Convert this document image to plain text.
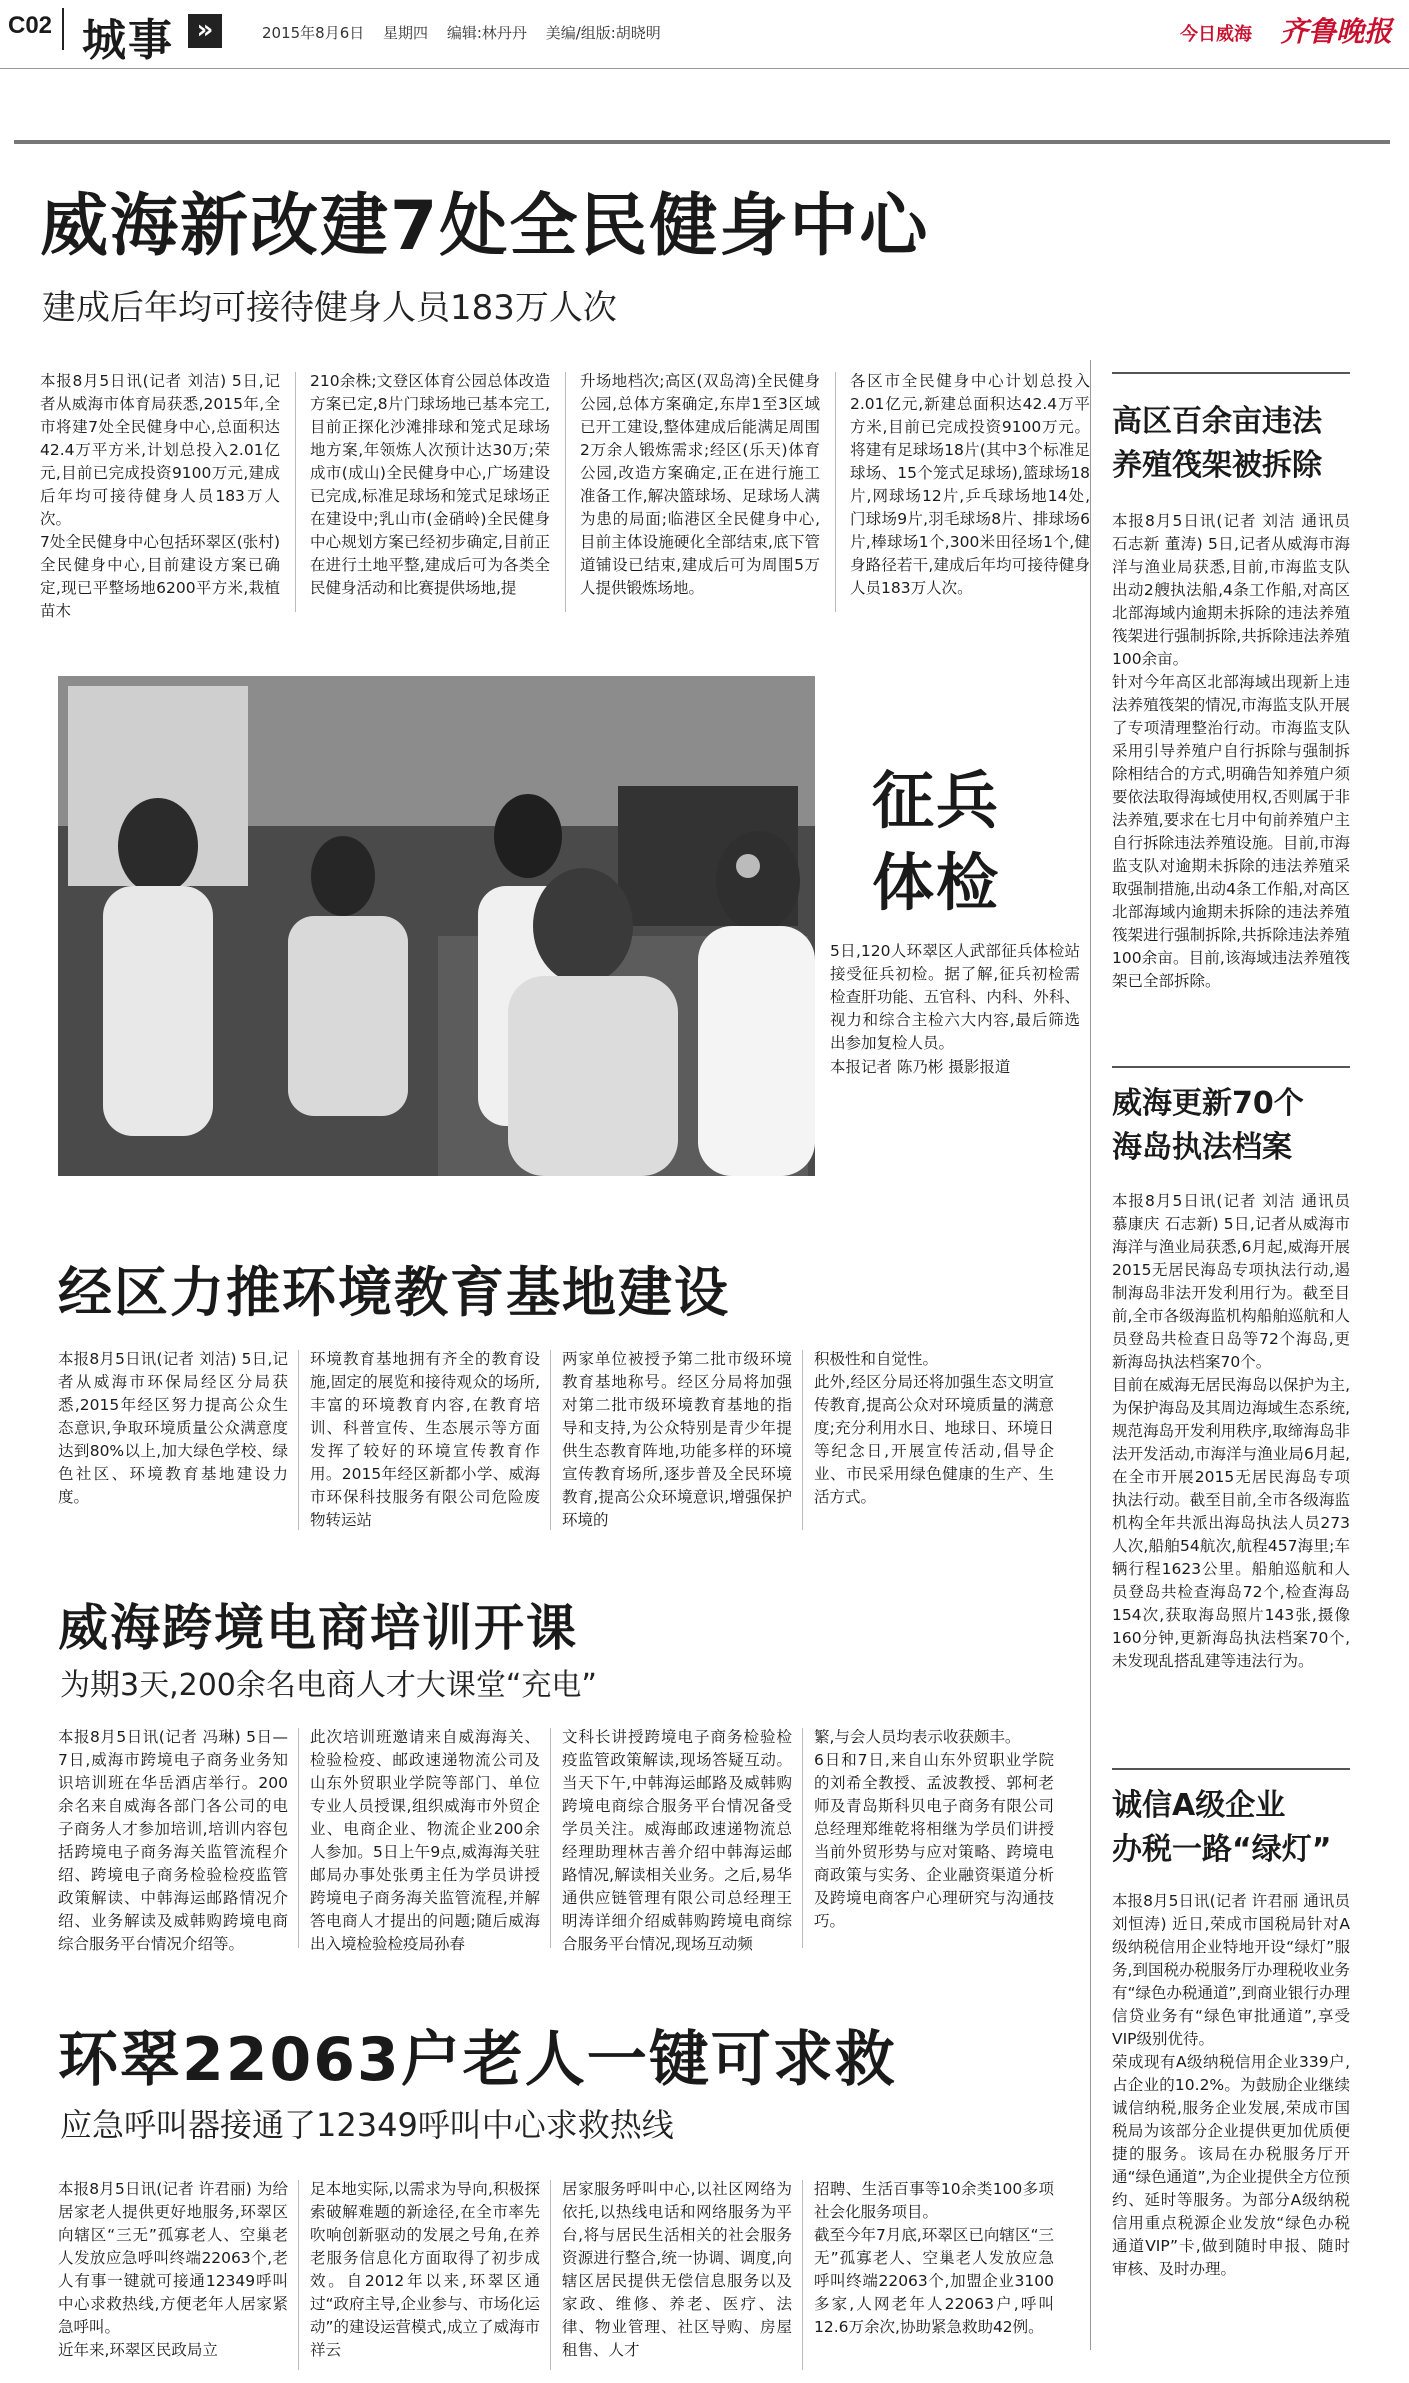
C02 城事 »	2015年8月6日 星期四 编辑:林丹丹 美编/组版:胡晓明	今日威海 齐鲁晚报
威海新改建7处全民健身中心
建成后年均可接待健身人员183万人次
本报8月5日讯(记者 刘洁) 5日,记者从威海市体育局获悉,2015年,全市将建7处全民健身中心,总面积达42.4万平方米,计划总投入2.01亿元,目前已完成投资9100万元,建成后年均可接待健身人员183万人次。
7处全民健身中心包括环翠区(张村)全民健身中心,目前建设方案已确定,现已平整场地6200平方米,栽植苗木
210余株;文登区体育公园总体改造方案已定,8片门球场地已基本完工,目前正探化沙滩排球和笼式足球场地方案,年领炼人次预计达30万;荣成市(成山)全民健身中心,广场建设已完成,标准足球场和笼式足球场正在建设中;乳山市(金硝岭)全民健身中心规划方案已经初步确定,目前正在进行土地平整,建成后可为各类全民健身活动和比赛提供场地,提
升场地档次;高区(双岛湾)全民健身公园,总体方案确定,东岸1至3区域已开工建设,整体建成后能满足周围2万余人锻炼需求;经区(乐天)体育公园,改造方案确定,正在进行施工准备工作,解决篮球场、足球场人满为患的局面;临港区全民健身中心,目前主体设施硬化全部结束,底下管道铺设已结束,建成后可为周围5万人提供锻炼场地。
各区市全民健身中心计划总投入2.01亿元,新建总面积达42.4万平方米,目前已完成投资9100万元。将建有足球场18片(其中3个标准足球场、15个笼式足球场),篮球场18片,网球场12片,乒乓球场地14处,门球场9片,羽毛球场8片、排球场6片,棒球场1个,300米田径场1个,健身路径若干,建成后年均可接待健身人员183万人次。
征兵
体检
5日,120人环翠区人武部征兵体检站接受征兵初检。据了解,征兵初检需检查肝功能、五官科、内科、外科、视力和综合主检六大内容,最后筛选出参加复检人员。
本报记者 陈乃彬 摄影报道
经区力推环境教育基地建设
本报8月5日讯(记者 刘洁) 5日,记者从威海市环保局经区分局获悉,2015年经区努力提高公众生态意识,争取环境质量公众满意度达到80%以上,加大绿色学校、绿色社区、环境教育基地建设力度。
环境教育基地拥有齐全的教育设施,固定的展览和接待观众的场所,丰富的环境教育内容,在教育培训、科普宣传、生态展示等方面发挥了较好的环境宣传教育作用。2015年经区新都小学、威海市环保科技服务有限公司危险废物转运站
两家单位被授予第二批市级环境教育基地称号。经区分局将加强对第二批市级环境教育基地的指导和支持,为公众特别是青少年提供生态教育阵地,功能多样的环境宣传教育场所,逐步普及全民环境教育,提高公众环境意识,增强保护环境的
积极性和自觉性。
此外,经区分局还将加强生态文明宣传教育,提高公众对环境质量的满意度;充分利用水日、地球日、环境日等纪念日,开展宣传活动,倡导企业、市民采用绿色健康的生产、生活方式。
威海跨境电商培训开课
为期3天,200余名电商人才大课堂“充电”
本报8月5日讯(记者 冯琳) 5日—7日,威海市跨境电子商务业务知识培训班在华岳酒店举行。200余名来自威海各部门各公司的电子商务人才参加培训,培训内容包括跨境电子商务海关监管流程介绍、跨境电子商务检验检疫监管政策解读、中韩海运邮路情况介绍、业务解读及威韩购跨境电商综合服务平台情况介绍等。
此次培训班邀请来自威海海关、检验检疫、邮政速递物流公司及山东外贸职业学院等部门、单位专业人员授课,组织威海市外贸企业、电商企业、物流企业200余人参加。5日上午9点,威海海关驻邮局办事处张勇主任为学员讲授跨境电子商务海关监管流程,并解答电商人才提出的问题;随后威海出入境检验检疫局孙春
文科长讲授跨境电子商务检验检疫监管政策解读,现场答疑互动。当天下午,中韩海运邮路及威韩购跨境电商综合服务平台情况备受学员关注。威海邮政速递物流总经理助理林吉善介绍中韩海运邮路情况,解读相关业务。之后,易华通供应链管理有限公司总经理王明涛详细介绍威韩购跨境电商综合服务平台情况,现场互动频
繁,与会人员均表示收获颇丰。
6日和7日,来自山东外贸职业学院的刘希全教授、孟波教授、郭柯老师及青岛斯科贝电子商务有限公司总经理郑维乾将相继为学员们讲授当前外贸形势与应对策略、跨境电商政策与实务、企业融资渠道分析及跨境电商客户心理研究与沟通技巧。
环翠22063户老人一键可求救
应急呼叫器接通了12349呼叫中心求救热线
本报8月5日讯(记者 许君丽) 为给居家老人提供更好地服务,环翠区向辖区“三无”孤寡老人、空巢老人发放应急呼叫终端22063个,老人有事一键就可接通12349呼叫中心求救热线,方便老年人居家紧急呼叫。
近年来,环翠区民政局立
足本地实际,以需求为导向,积极探索破解难题的新途径,在全市率先吹响创新驱动的发展之号角,在养老服务信息化方面取得了初步成效。自2012年以来,环翠区通过“政府主导,企业参与、市场化运动”的建设运营模式,成立了威海市祥云
居家服务呼叫中心,以社区网络为依托,以热线电话和网络服务为平台,将与居民生活相关的社会服务资源进行整合,统一协调、调度,向辖区居民提供无偿信息服务以及家政、维修、养老、医疗、法律、物业管理、社区导购、房屋租售、人才
招聘、生活百事等10余类100多项社会化服务项目。
截至今年7月底,环翠区已向辖区“三无”孤寡老人、空巢老人发放应急呼叫终端22063个,加盟企业3100多家,人网老年人22063户,呼叫12.6万余次,协助紧急救助42例。
高区百余亩违法
养殖筏架被拆除
本报8月5日讯(记者 刘洁 通讯员 石志新 董涛) 5日,记者从威海市海洋与渔业局获悉,目前,市海监支队出动2艘执法船,4条工作船,对高区北部海域内逾期未拆除的违法养殖筏架进行强制拆除,共拆除违法养殖100余亩。
针对今年高区北部海域出现新上违法养殖筏架的情况,市海监支队开展了专项清理整治行动。市海监支队采用引导养殖户自行拆除与强制拆除相结合的方式,明确告知养殖户须要依法取得海域使用权,否则属于非法养殖,要求在七月中旬前养殖户主自行拆除违法养殖设施。目前,市海监支队对逾期未拆除的违法养殖采取强制措施,出动4条工作船,对高区北部海域内逾期未拆除的违法养殖筏架进行强制拆除,共拆除违法养殖100余亩。目前,该海域违法养殖筏架已全部拆除。
威海更新70个
海岛执法档案
本报8月5日讯(记者 刘洁 通讯员 慕康庆 石志新) 5日,记者从威海市海洋与渔业局获悉,6月起,威海开展2015无居民海岛专项执法行动,遏制海岛非法开发利用行为。截至目前,全市各级海监机构船舶巡航和人员登岛共检查日岛等72个海岛,更新海岛执法档案70个。
目前在威海无居民海岛以保护为主,为保护海岛及其周边海域生态系统,规范海岛开发利用秩序,取缔海岛非法开发活动,市海洋与渔业局6月起,在全市开展2015无居民海岛专项执法行动。截至目前,全市各级海监机构全年共派出海岛执法人员273人次,船舶54航次,航程457海里;车辆行程1623公里。船舶巡航和人员登岛共检查海岛72个,检查海岛154次,获取海岛照片143张,摄像160分钟,更新海岛执法档案70个,未发现乱搭乱建等违法行为。
诚信A级企业
办税一路“绿灯”
本报8月5日讯(记者 许君丽 通讯员 刘恒涛) 近日,荣成市国税局针对A级纳税信用企业特地开设“绿灯”服务,到国税办税服务厅办理税收业务有“绿色办税通道”,到商业银行办理信贷业务有“绿色审批通道”,享受VIP级别优待。
荣成现有A级纳税信用企业339户,占企业的10.2%。为鼓励企业继续诚信纳税,服务企业发展,荣成市国税局为该部分企业提供更加优质便捷的服务。该局在办税服务厅开通“绿色通道”,为企业提供全方位预约、延时等服务。为部分A级纳税信用重点税源企业发放“绿色办税通道VIP”卡,做到随时申报、随时审核、及时办理。
